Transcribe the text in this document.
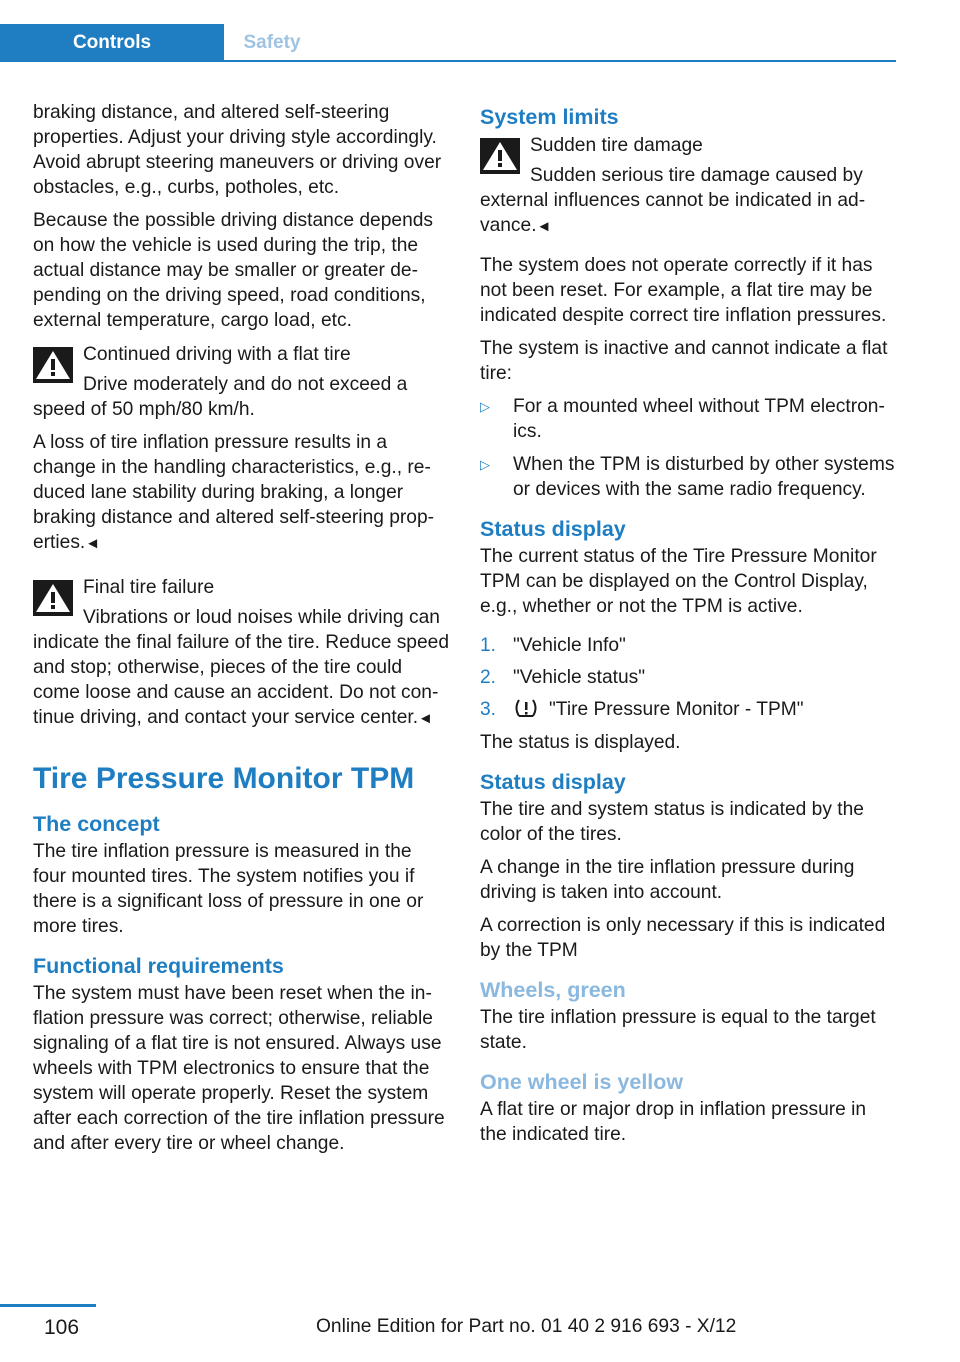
Controls	Safety

braking distance, and altered self-steering properties. Adjust your driving style accordingly. Avoid abrupt steering maneuvers or driving over obstacles, e.g., curbs, potholes, etc.

Because the possible driving distance depends on how the vehicle is used during the trip, the actual distance may be smaller or greater depending on the driving speed, road conditions, external temperature, cargo load, etc.

Continued driving with a flat tire
Drive moderately and do not exceed a speed of 50 mph/80 km/h.

A loss of tire inflation pressure results in a change in the handling characteristics, e.g., reduced lane stability during braking, a longer braking distance and altered self-steering properties.◄

Final tire failure
Vibrations or loud noises while driving can indicate the final failure of the tire. Reduce speed and stop; otherwise, pieces of the tire could come loose and cause an accident. Do not continue driving, and contact your service center.◄
Tire Pressure Monitor TPM
The concept

The tire inflation pressure is measured in the four mounted tires. The system notifies you if there is a significant loss of pressure in one or more tires.

Functional requirements

The system must have been reset when the inflation pressure was correct; otherwise, reliable signaling of a flat tire is not ensured. Always use wheels with TPM electronics to ensure that the system will operate properly. Reset the system after each correction of the tire inflation pressure and after every tire or wheel change.

System limits
Sudden tire damage
Sudden serious tire damage caused by external influences cannot be indicated in advance.◄

The system does not operate correctly if it has not been reset. For example, a flat tire may be indicated despite correct tire inflation pressures.

The system is inactive and cannot indicate a flat tire:

▷ For a mounted wheel without TPM electronics.
▷ When the TPM is disturbed by other systems or devices with the same radio frequency.
Status display

The current status of the Tire Pressure Monitor TPM can be displayed on the Control Display, e.g., whether or not the TPM is active.

1. "Vehicle Info"
2. "Vehicle status"
3.	"Tire Pressure Monitor - TPM"

The status is displayed.

Status display

The tire and system status is indicated by the color of the tires.

A change in the tire inflation pressure during driving is taken into account.

A correction is only necessary if this is indicated by the TPM

Wheels, green

The tire inflation pressure is equal to the target state.

One wheel is yellow

A flat tire or major drop in inflation pressure in the indicated tire.

106	Online Edition for Part no. 01 40 2 916 693 - X/12
